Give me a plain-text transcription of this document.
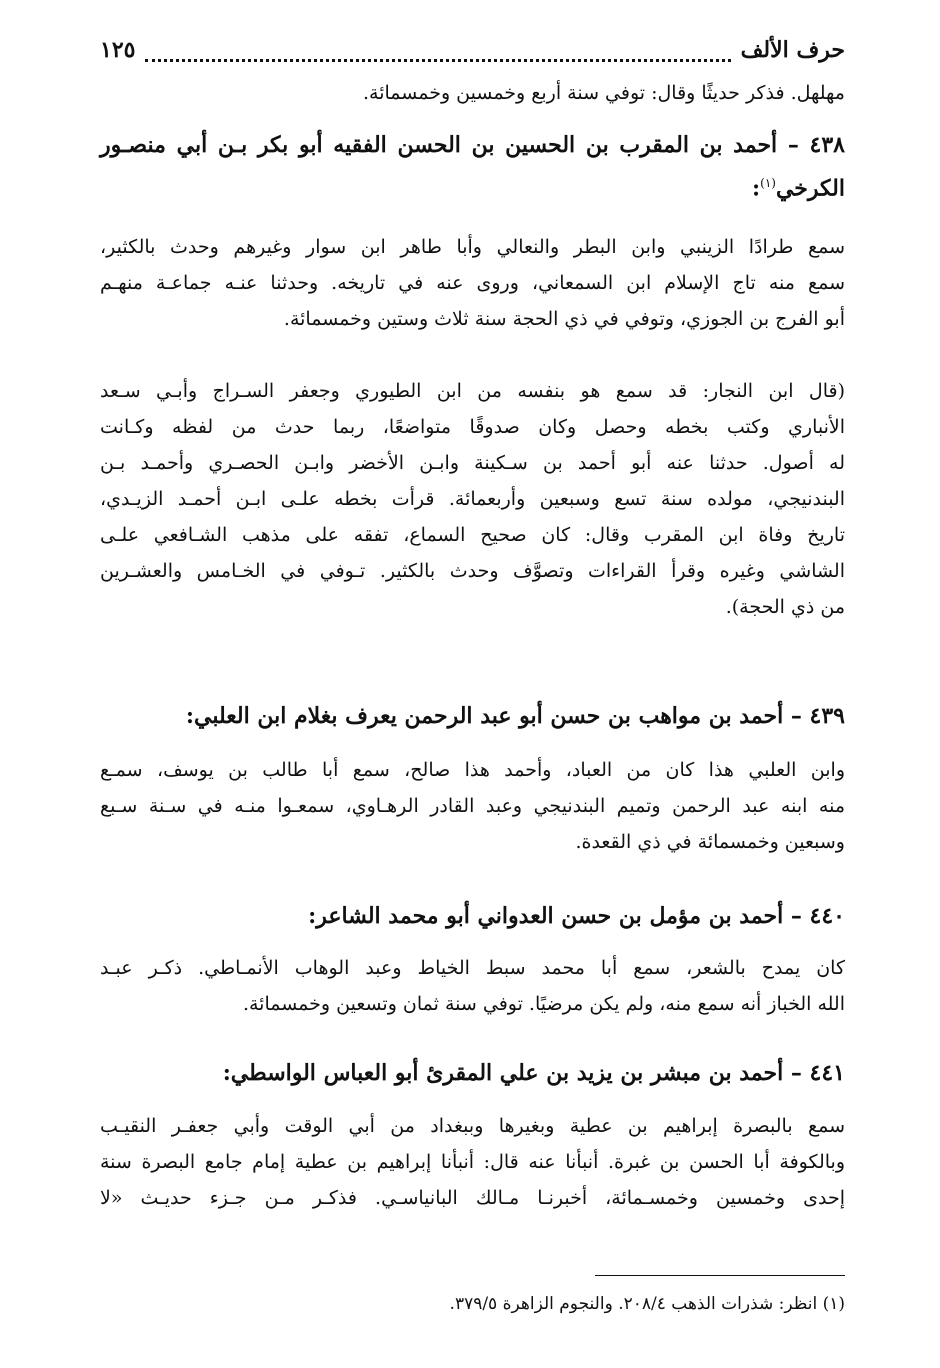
حرف الألف
١٢٥
مهلهل. فذكر حديثًا وقال: توفي سنة أربع وخمسين وخمسمائة.
٤٣٨ – أحمد بن المقرب بن الحسين بن الحسن الفقيه أبو بكر بـن أبي منصـور
الكرخي$^{(١)}$:
سمع طرادًا الزينبي وابن البطر والنعالي وأبا طاهر ابن سوار وغيرهم وحدث بالكثير،
سمع منه تاج الإسلام ابن السمعاني، وروى عنه في تاريخه. وحدثنا عنـه جماعـة منهـم
أبو الفرج بن الجوزي، وتوفي في ذي الحجة سنة ثلاث وستين وخمسمائة.
(قال ابن النجار: قد سمع هو بنفسه من ابن الطيوري وجعفر السـراج وأبـي سـعد
الأنباري وكتب بخطه وحصل وكان صدوقًا متواضعًا، ربما حدث من لفظه وكـانت
له أصول. حدثنا عنه أبو أحمد بن سـكينة وابـن الأخضر وابـن الحصـري وأحمـد بـن
البندنيجي، مولده سنة تسع وسبعين وأربعمائة. قرأت بخطه علـى ابـن أحمـد الزيـدي،
تاريخ وفاة ابن المقرب وقال: كان صحيح السماع، تفقه على مذهب الشـافعي علـى
الشاشي وغيره وقرأ القراءات وتصوَّف وحدث بالكثير. تـوفي في الخـامس والعشـرين
من ذي الحجة).
٤٣٩ – أحمد بن مواهب بن حسن أبو عبد الرحمن يعرف بغلام ابن العلبي:
وابن العلبي هذا كان من العباد، وأحمد هذا صالح، سمع أبا طالب بن يوسف، سمـع
منه ابنه عبد الرحمن وتميم البندنيجي وعبد القادر الرهـاوي، سمعـوا منـه في سـنة سـبع
وسبعين وخمسمائة في ذي القعدة.
٤٤٠ – أحمد بن مؤمل بن حسن العدواني أبو محمد الشاعر:
كان يمدح بالشعر، سمع أبا محمد سبط الخياط وعبد الوهاب الأنمـاطي. ذكـر عبـد
الله الخباز أنه سمع منه، ولم يكن مرضيًا. توفي سنة ثمان وتسعين وخمسمائة.
٤٤١ – أحمد بن مبشر بن يزيد بن علي المقرئ أبو العباس الواسطي:
سمع بالبصرة إبراهيم بن عطية وبغيرها وببغداد من أبي الوقت وأبي جعفـر النقيـب
وبالكوفة أبا الحسن بن غبرة. أنبأنا عنه قال: أنبأنا إبراهيم بن عطية إمام جامع البصرة سنة
إحدى وخمسين وخمسـمائة، أخبرنـا مـالك البانياسـي. فذكـر مـن جـزء حديـث «لا
(١) انظر: شذرات الذهب ٢٠٨/٤. والنجوم الزاهرة ٣٧٩/٥.
